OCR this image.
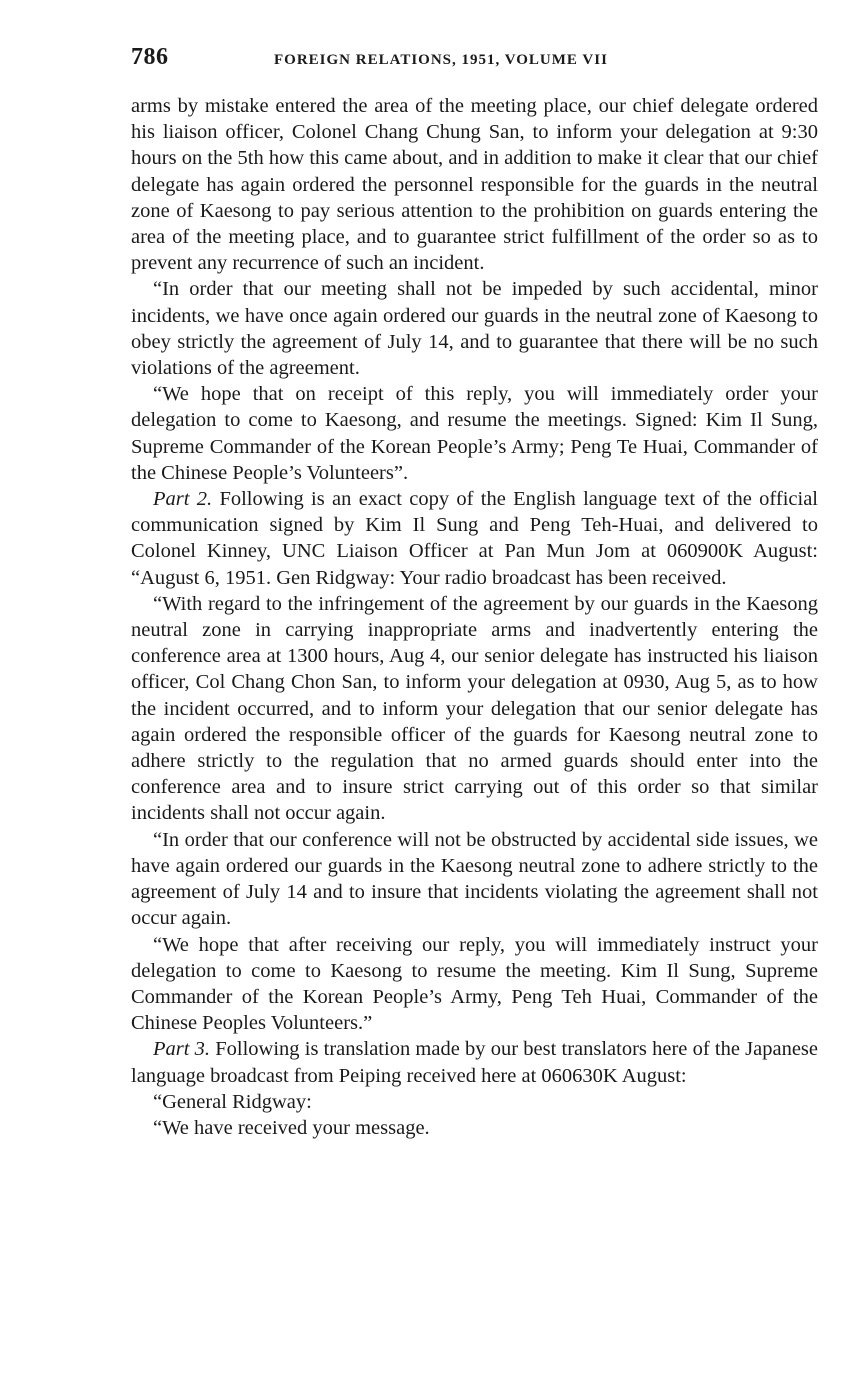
786	FOREIGN RELATIONS, 1951, VOLUME VII

arms by mistake entered the area of the meeting place, our chief delegate ordered his liaison officer, Colonel Chang Chung San, to inform your delegation at 9:30 hours on the 5th how this came about, and in addition to make it clear that our chief delegate has again ordered the personnel responsible for the guards in the neutral zone of Kaesong to pay serious attention to the prohibition on guards entering the area of the meeting place, and to guarantee strict fulfillment of the order so as to prevent any recurrence of such an incident.

“In order that our meeting shall not be impeded by such accidental, minor incidents, we have once again ordered our guards in the neutral zone of Kaesong to obey strictly the agreement of July 14, and to guarantee that there will be no such violations of the agreement.

“We hope that on receipt of this reply, you will immediately order your delegation to come to Kaesong, and resume the meetings. Signed: Kim Il Sung, Supreme Commander of the Korean People’s Army; Peng Te Huai, Commander of the Chinese People’s Volunteers”.

Part 2. Following is an exact copy of the English language text of the official communication signed by Kim Il Sung and Peng Teh-Huai, and delivered to Colonel Kinney, UNC Liaison Officer at Pan Mun Jom at 060900K August: “August 6, 1951. Gen Ridgway: Your radio broadcast has been received.

“With regard to the infringement of the agreement by our guards in the Kaesong neutral zone in carrying inappropriate arms and inadvertently entering the conference area at 1300 hours, Aug 4, our senior delegate has instructed his liaison officer, Col Chang Chon San, to inform your delegation at 0930, Aug 5, as to how the incident occurred, and to inform your delegation that our senior delegate has again ordered the responsible officer of the guards for Kaesong neutral zone to adhere strictly to the regulation that no armed guards should enter into the conference area and to insure strict carrying out of this order so that similar incidents shall not occur again.

“In order that our conference will not be obstructed by accidental side issues, we have again ordered our guards in the Kaesong neutral zone to adhere strictly to the agreement of July 14 and to insure that incidents violating the agreement shall not occur again.

“We hope that after receiving our reply, you will immediately instruct your delegation to come to Kaesong to resume the meeting. Kim Il Sung, Supreme Commander of the Korean People’s Army, Peng Teh Huai, Commander of the Chinese Peoples Volunteers.”

Part 3. Following is translation made by our best translators here of the Japanese language broadcast from Peiping received here at 060630K August:

“General Ridgway:

“We have received your message.
